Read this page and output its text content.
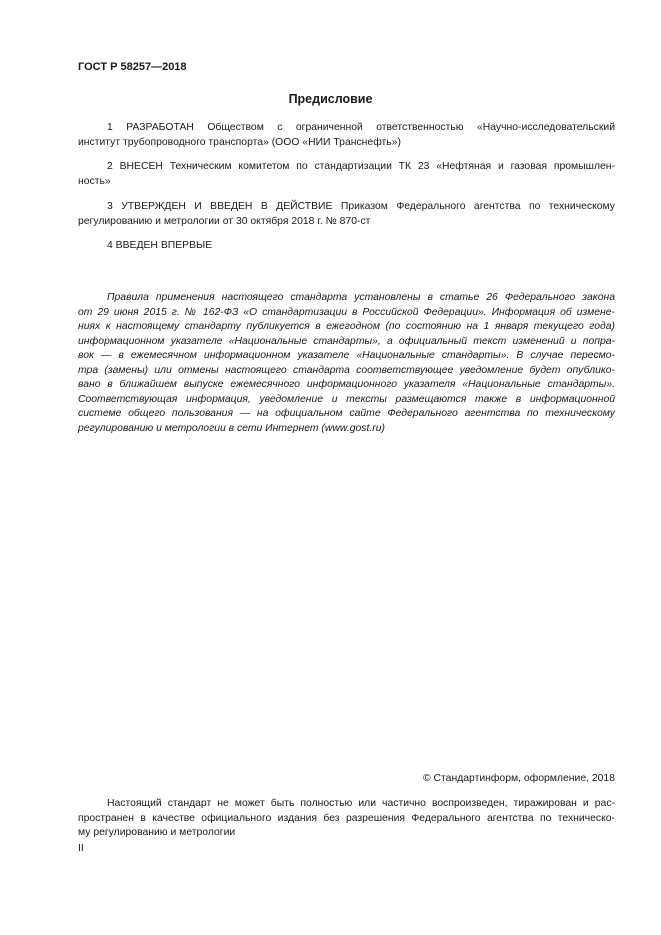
ГОСТ Р 58257—2018
Предисловие
1 РАЗРАБОТАН Обществом с ограниченной ответственностью «Научно-исследовательский
институт трубопроводного транспорта» (ООО «НИИ Транснефть»)
2 ВНЕСЕН Техническим комитетом по стандартизации ТК 23 «Нефтяная и газовая промышлен-
ность»
3 УТВЕРЖДЕН И ВВЕДЕН В ДЕЙСТВИЕ Приказом Федерального агентства по техническому
регулированию и метрологии от 30 октября 2018 г. № 870-ст
4 ВВЕДЕН ВПЕРВЫЕ
Правила применения настоящего стандарта установлены в статье 26 Федерального закона
от 29 июня 2015 г. № 162-ФЗ «О стандартизации в Российской Федерации». Информация об измене-
ниях к настоящему стандарту публикуется в ежегодном (по состоянию на 1 января текущего года)
информационном указателе «Национальные стандарты», а официальный текст изменений и попра-
вок — в ежемесячном информационном указателе «Национальные стандарты». В случае пересмо-
тра (замены) или отмены настоящего стандарта соответствующее уведомление будет опублико-
вано в ближайшем выпуске ежемесячного информационного указателя «Национальные стандарты».
Соответствующая информация, уведомление и тексты размещаются также в информационной
системе общего пользования — на официальном сайте Федерального агентства по техническому
регулированию и метрологии в сети Интернет (www.gost.ru)
© Стандартинформ, оформление, 2018
Настоящий стандарт не может быть полностью или частично воспроизведен, тиражирован и рас-
пространен в качестве официального издания без разрешения Федерального агентства по техническо-
му регулированию и метрологии
II
